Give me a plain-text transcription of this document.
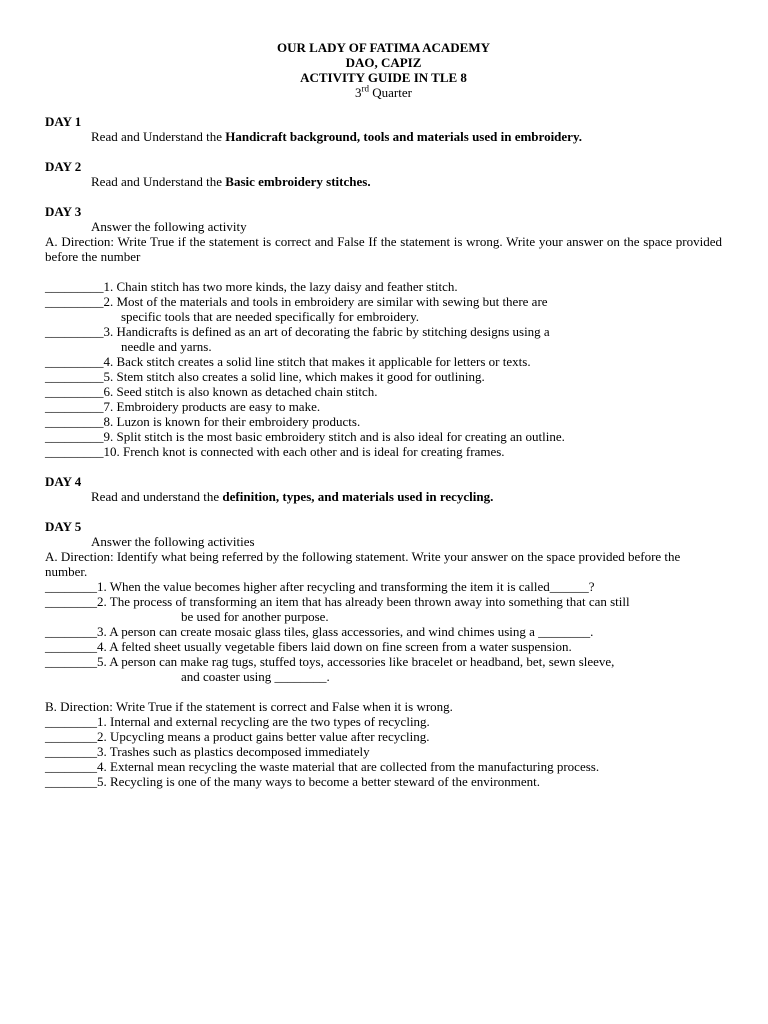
OUR LADY OF FATIMA ACADEMY
DAO, CAPIZ
ACTIVITY GUIDE IN TLE 8
3rd Quarter
DAY 1
Read and Understand the Handicraft background, tools and materials used in embroidery.
DAY 2
Read and Understand the Basic embroidery stitches.
DAY 3
Answer the following activity
A. Direction: Write True if the statement is correct and False If the statement is wrong. Write your answer on the space provided before the number
_________1. Chain stitch has two more kinds, the lazy daisy and feather stitch.
_________2. Most of the materials and tools in embroidery are similar with sewing but there are
specific tools that are needed specifically for embroidery.
_________3. Handicrafts is defined as an art of decorating the fabric by stitching designs using a
needle and yarns.
_________4. Back stitch creates a solid line stitch that makes it applicable for letters or texts.
_________5. Stem stitch also creates a solid line, which makes it good for outlining.
_________6. Seed stitch is also known as detached chain stitch.
_________7. Embroidery products are easy to make.
_________8. Luzon is known for their embroidery products.
_________9. Split stitch is the most basic embroidery stitch and is also ideal for creating an outline.
_________10. French knot is connected with each other and is ideal for creating frames.
DAY 4
Read and understand the definition, types, and materials used in recycling.
DAY 5
Answer the following activities
A. Direction: Identify what being referred by the following statement. Write your answer on the space provided before the number.
________1. When the value becomes higher after recycling and transforming the item it is called______?
________2. The process of transforming an item that has already been thrown away into something that can still
be used for another purpose.
________3. A person can create mosaic glass tiles, glass accessories, and wind chimes using a ________.
________4. A felted sheet usually vegetable fibers laid down on fine screen from a water suspension.
________5. A person can make rag tugs, stuffed toys, accessories like bracelet or headband, bet, sewn sleeve,
and coaster using ________.
B. Direction: Write True if the statement is correct and False when it is wrong.
________1. Internal and external recycling are the two types of recycling.
________2. Upcycling means a product gains better value after recycling.
________3. Trashes such as plastics decomposed immediately
________4. External mean recycling the waste material that are collected from the manufacturing process.
________5. Recycling is one of the many ways to become a better steward of the environment.
